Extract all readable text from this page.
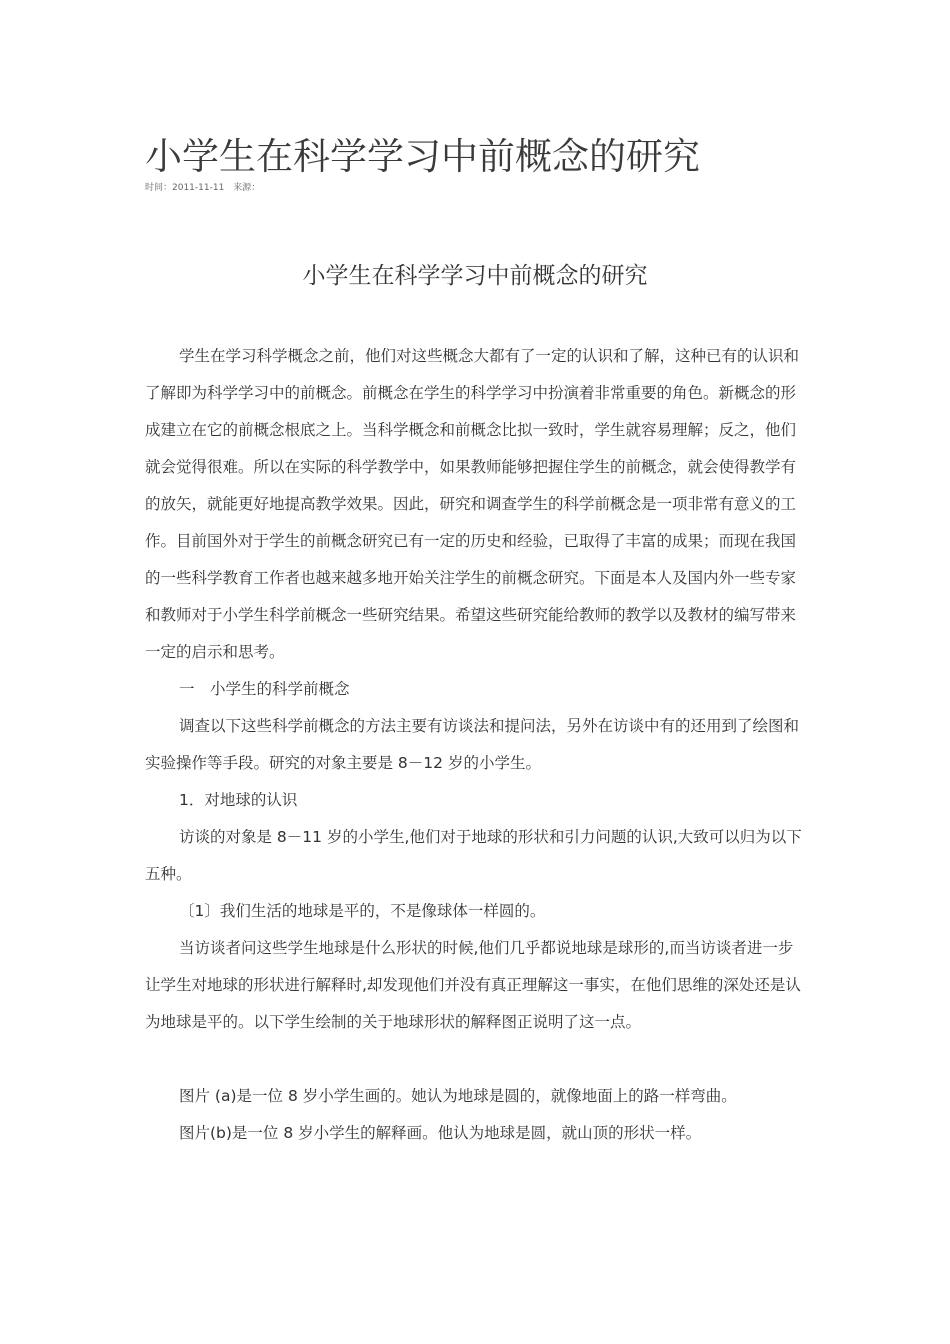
小学生在科学学习中前概念的研究
时间：2011-11-11 来源：
小学生在科学学习中前概念的研究

学生在学习科学概念之前，他们对这些概念大都有了一定的认识和了解，这种已有的认识和了解即为科学学习中的前概念。前概念在学生的科学学习中扮演着非常重要的角色。新概念的形成建立在它的前概念根底之上。当科学概念和前概念比拟一致时，学生就容易理解；反之，他们就会觉得很难。所以在实际的科学教学中，如果教师能够把握住学生的前概念，就会使得教学有的放矢，就能更好地提高教学效果。因此，研究和调查学生的科学前概念是一项非常有意义的工作。目前国外对于学生的前概念研究已有一定的历史和经验，已取得了丰富的成果；而现在我国的一些科学教育工作者也越来越多地开始关注学生的前概念研究。下面是本人及国内外一些专家和教师对于小学生科学前概念一些研究结果。希望这些研究能给教师的教学以及教材的编写带来一定的启示和思考。

一　小学生的科学前概念

调查以下这些科学前概念的方法主要有访谈法和提问法，另外在访谈中有的还用到了绘图和实验操作等手段。研究的对象主要是 8－12 岁的小学生。

1．对地球的认识

访谈的对象是 8－11 岁的小学生,他们对于地球的形状和引力问题的认识,大致可以归为以下五种。

〔1〕我们生活的地球是平的，不是像球体一样圆的。

当访谈者问这些学生地球是什么形状的时候,他们几乎都说地球是球形的,而当访谈者进一步让学生对地球的形状进行解释时,却发现他们并没有真正理解这一事实，在他们思维的深处还是认为地球是平的。以下学生绘制的关于地球形状的解释图正说明了这一点。

图片 (a)是一位 8 岁小学生画的。她认为地球是圆的，就像地面上的路一样弯曲。

图片(b)是一位 8 岁小学生的解释画。他认为地球是圆，就山顶的形状一样。
